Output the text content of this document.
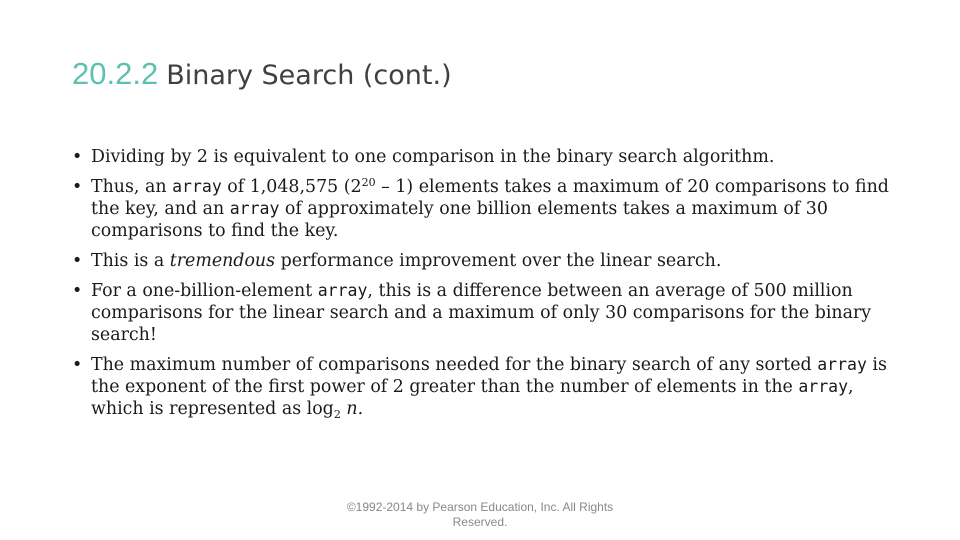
20.2.2 Binary Search (cont.)
• Dividing by 2 is equivalent to one comparison in the binary search algorithm.
• Thus, an array of 1,048,575 $(2^{20} - 1)$ elements takes a maximum of 20 comparisons to find the key, and an array of approximately one billion elements takes a maximum of 30 comparisons to find the key.
• This is a tremendous performance improvement over the linear search.
• For a one-billion-element array, this is a difference between an average of 500 million comparisons for the linear search and a maximum of only 30 comparisons for the binary search!
• The maximum number of comparisons needed for the binary search of any sorted array is the exponent of the first power of 2 greater than the number of elements in the array, which is represented as $\log_2 n$.
©1992-2014 by Pearson Education, Inc. All Rights
Reserved.
